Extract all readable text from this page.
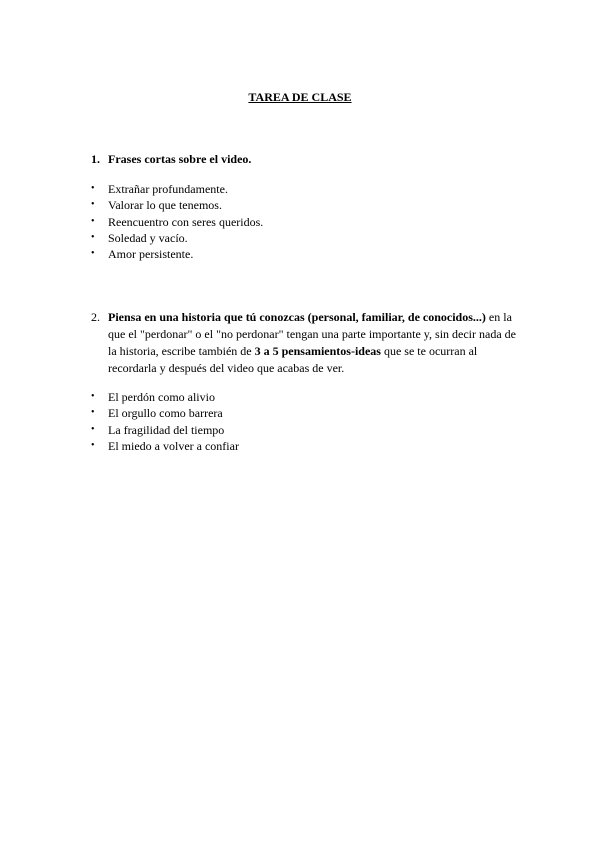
TAREA DE CLASE
1. Frases cortas sobre el video.
• Extrañar profundamente.
• Valorar lo que tenemos.
• Reencuentro con seres queridos.
• Soledad y vacío.
• Amor persistente.
2. Piensa en una historia que tú conozcas (personal, familiar, de conocidos...) en la que el "perdonar" o el "no perdonar" tengan una parte importante y, sin decir nada de la historia, escribe también de 3 a 5 pensamientos-ideas que se te ocurran al recordarla y después del video que acabas de ver.
• El perdón como alivio
• El orgullo como barrera
• La fragilidad del tiempo
• El miedo a volver a confiar
